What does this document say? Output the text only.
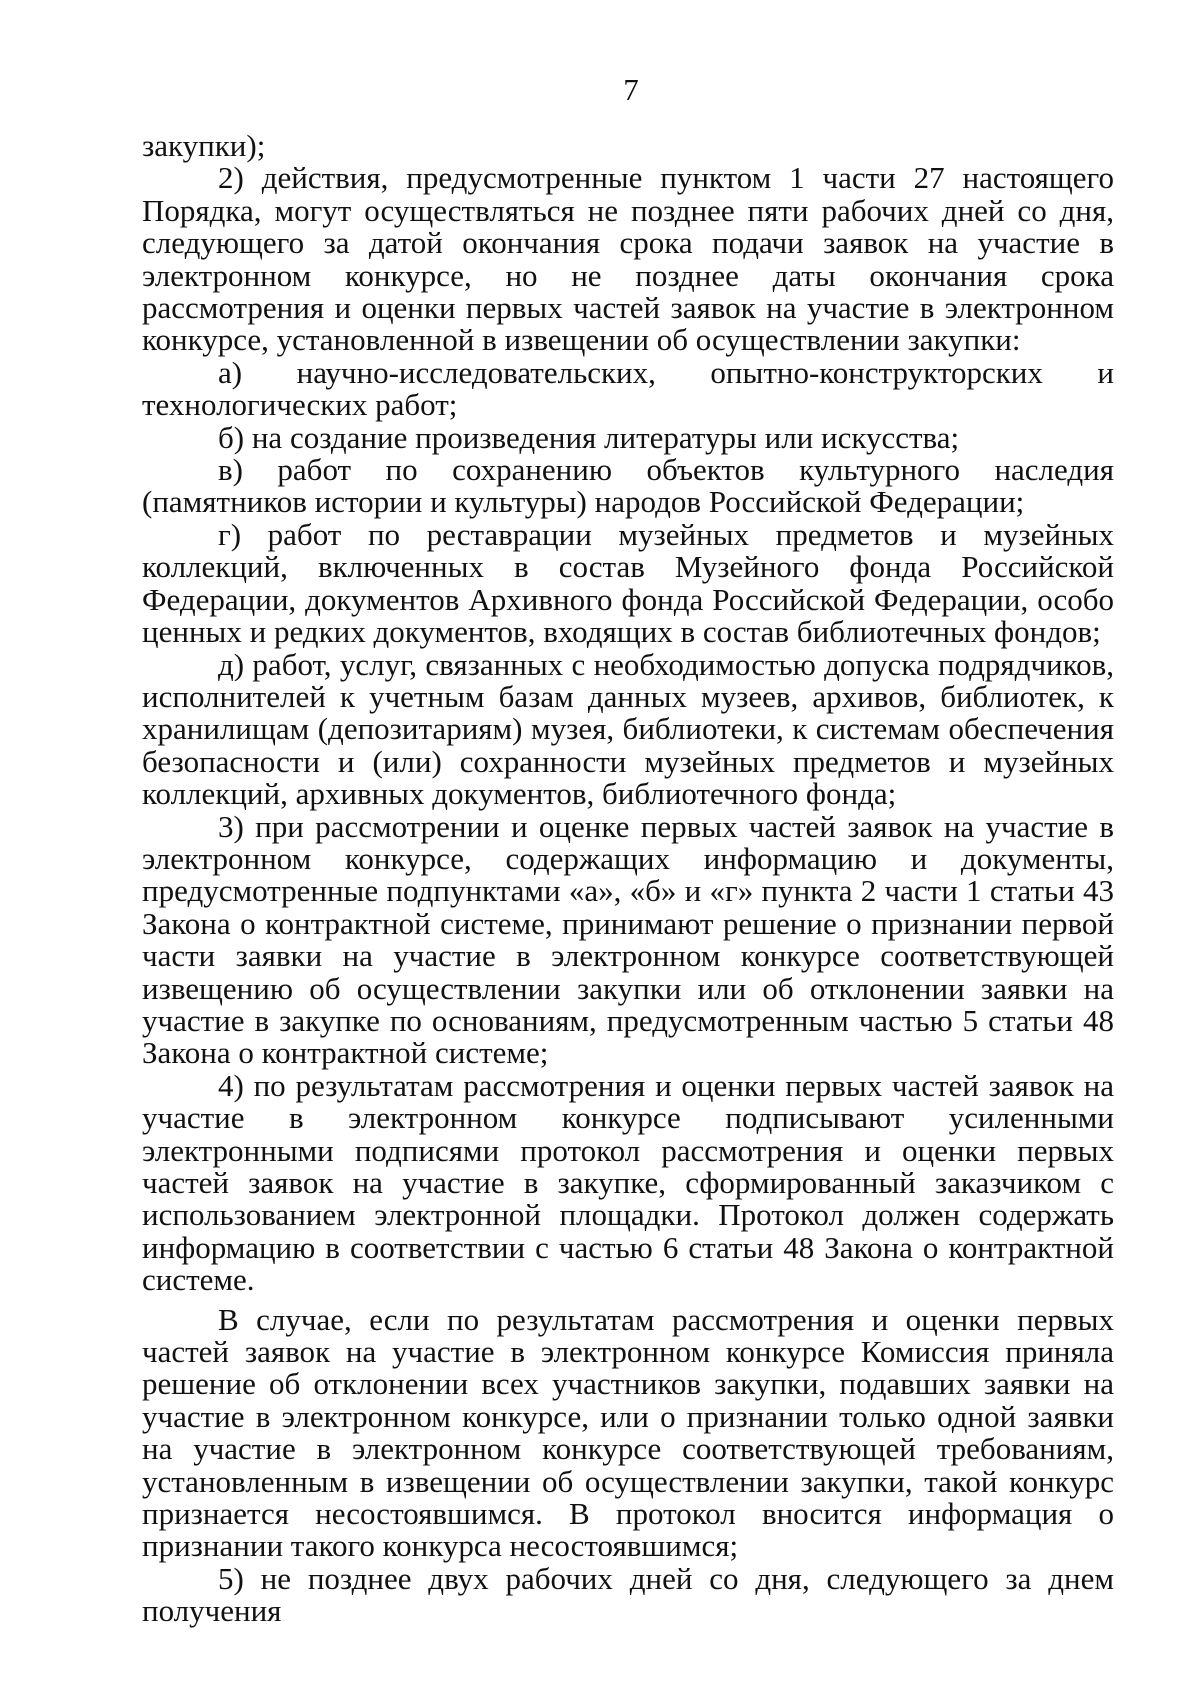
7

закупки);

2) действия, предусмотренные пунктом 1 части 27 настоящего Порядка, могут осуществляться не позднее пяти рабочих дней со дня, следующего за датой окончания срока подачи заявок на участие в электронном конкурсе, но не позднее даты окончания срока рассмотрения и оценки первых частей заявок на участие в электронном конкурсе, установленной в извещении об осуществлении закупки:

а) научно-исследовательских, опытно-конструкторских и технологических работ;

б) на создание произведения литературы или искусства;

в) работ по сохранению объектов культурного наследия (памятников истории и культуры) народов Российской Федерации;

г) работ по реставрации музейных предметов и музейных коллекций, включенных в состав Музейного фонда Российской Федерации, документов Архивного фонда Российской Федерации, особо ценных и редких документов, входящих в состав библиотечных фондов;

д) работ, услуг, связанных с необходимостью допуска подрядчиков, исполнителей к учетным базам данных музеев, архивов, библиотек, к хранилищам (депозитариям) музея, библиотеки, к системам обеспечения безопасности и (или) сохранности музейных предметов и музейных коллекций, архивных документов, библиотечного фонда;

3) при рассмотрении и оценке первых частей заявок на участие в электронном конкурсе, содержащих информацию и документы, предусмотренные подпунктами «а», «б» и «г» пункта 2 части 1 статьи 43 Закона о контрактной системе, принимают решение о признании первой части заявки на участие в электронном конкурсе соответствующей извещению об осуществлении закупки или об отклонении заявки на участие в закупке по основаниям, предусмотренным частью 5 статьи 48 Закона о контрактной системе;

4) по результатам рассмотрения и оценки первых частей заявок на участие в электронном конкурсе подписывают усиленными электронными подписями протокол рассмотрения и оценки первых частей заявок на участие в закупке, сформированный заказчиком с использованием электронной площадки. Протокол должен содержать информацию в соответствии с частью 6 статьи 48 Закона о контрактной системе.

В случае, если по результатам рассмотрения и оценки первых частей заявок на участие в электронном конкурсе Комиссия приняла решение об отклонении всех участников закупки, подавших заявки на участие в электронном конкурсе, или о признании только одной заявки на участие в электронном конкурсе соответствующей требованиям, установленным в извещении об осуществлении закупки, такой конкурс признается несостоявшимся. В протокол вносится информация о признании такого конкурса несостоявшимся;

5) не позднее двух рабочих дней со дня, следующего за днем получения
